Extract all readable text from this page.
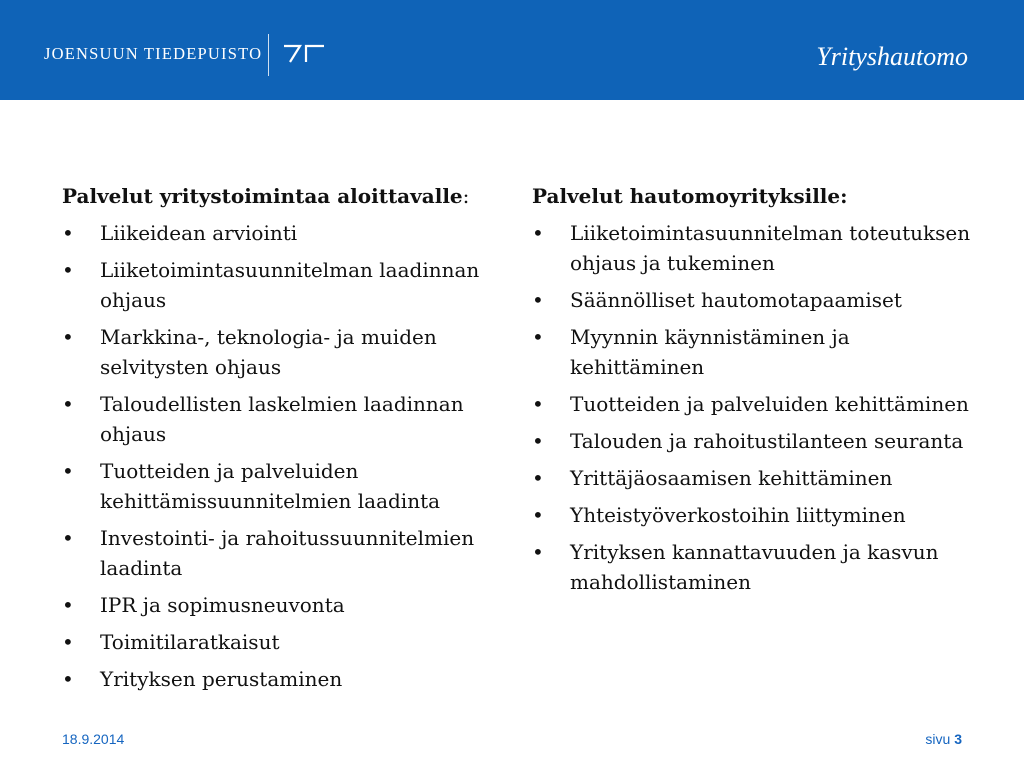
JOENSUUN TIEDEPUISTO	Yrityshautomo
Palvelut yritystoimintaa aloittavalle:
•	Liikeidean arviointi
•	Liiketoimintasuunnitelman laadinnan ohjaus
•	Markkina-, teknologia- ja muiden selvitysten ohjaus
•	Taloudellisten laskelmien laadinnan ohjaus
•	Tuotteiden ja palveluiden kehittämissuunnitelmien laadinta
•	Investointi- ja rahoitussuunnitelmien laadinta
•	IPR ja sopimusneuvonta
•	Toimitilaratkaisut
•	Yrityksen perustaminen
Palvelut hautomoyrityksille:
•	Liiketoimintasuunnitelman toteutuksen ohjaus ja tukeminen
•	Säännölliset hautomotapaamiset
•	Myynnin käynnistäminen ja kehittäminen
•	Tuotteiden ja palveluiden kehittäminen
•	Talouden ja rahoitustilanteen seuranta
•	Yrittäjäosaamisen kehittäminen
•	Yhteistyöverkostoihin liittyminen
•	Yrityksen kannattavuuden ja kasvun mahdollistaminen
18.9.2014	sivu 3
